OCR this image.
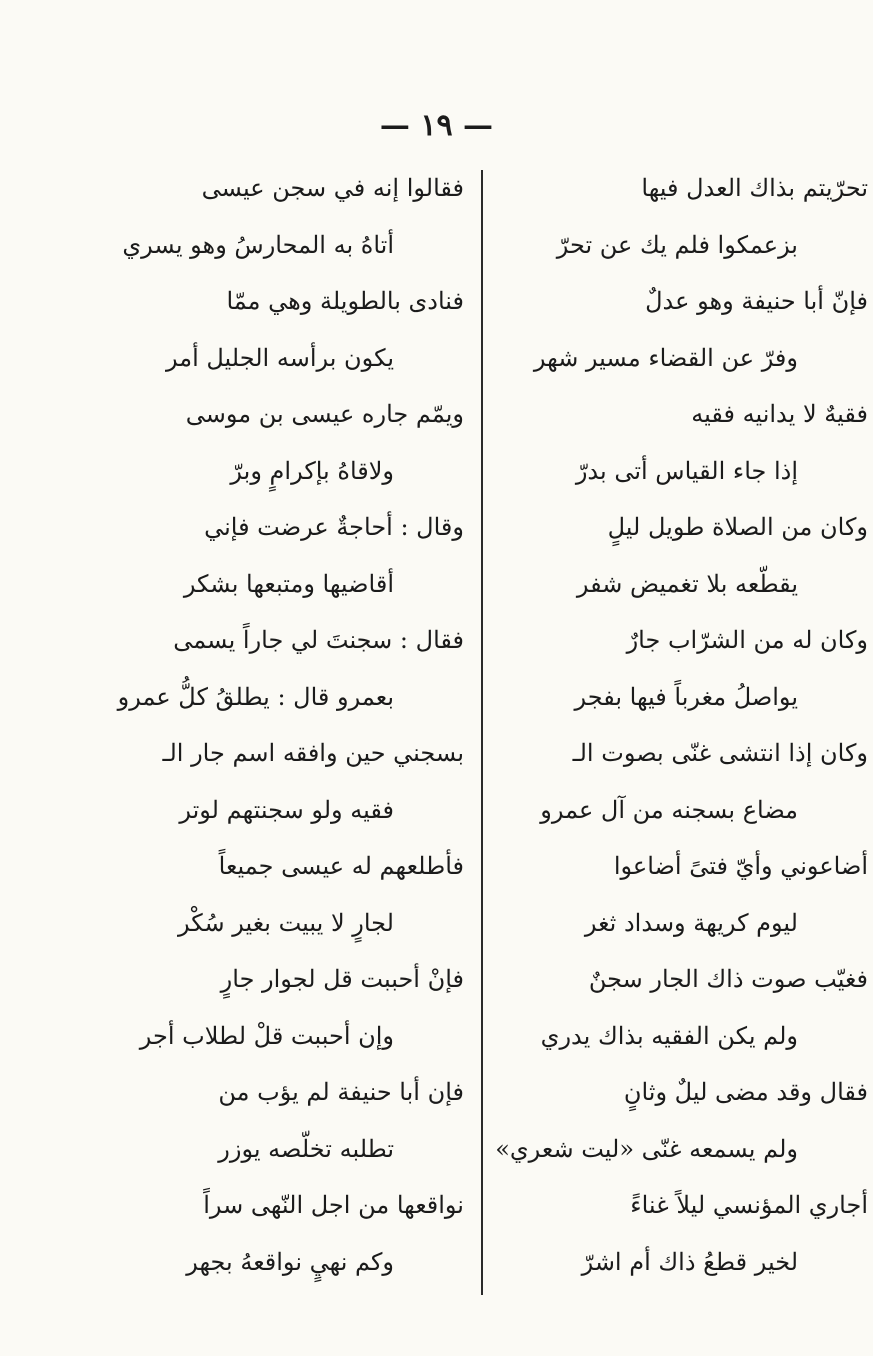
— ١٩ —
تحرّيتم بذاك العدل فيها
بزعمكوا فلم يك عن تحرّ
فإنّ أبا حنيفة وهو عدلٌ
وفرّ عن القضاء مسير شهر
فقيهٌ لا يدانيه فقيه
إذا جاء القياس أتى بدرّ
وكان من الصلاة طويل ليلٍ
يقطّعه بلا تغميض شفر
وكان له من الشرّاب جارٌ
يواصلُ مغرباً فيها بفجر
وكان إذا انتشى غنّى بصوت الـ
مضاع بسجنه من آل عمرو
أضاعوني وأيّ فتىً أضاعوا
ليوم كريهة وسداد ثغر
فغيّب صوت ذاك الجار سجنٌ
ولم يكن الفقيه بذاك يدري
فقال وقد مضى ليلٌ وثانٍ
ولم يسمعه غنّى «ليت شعري»
أجاري المؤنسي ليلاً غناءً
لخير قطعُ ذاك أم اشرّ
فقالوا إنه في سجن عيسى
أتاهُ به المحارسُ وهو يسري
فنادى بالطويلة وهي ممّا
يكون برأسه الجليل أمر
ويمّم جاره عيسى بن موسى
ولاقاهُ بإكرامٍ وبرّ
وقال : أحاجةٌ عرضت فإني
أقاضيها ومتبعها بشكر
فقال : سجنتَ لي جاراً يسمى
بعمرو قال : يطلقُ كلُّ عمرو
بسجني حين وافقه اسم جار الـ
فقيه ولو سجنتهم لوتر
فأطلعهم له عيسى جميعاً
لجارٍ لا يبيت بغير سُكْر
فإنْ أحببت قل لجوار جارٍ
وإن أحببت قلْ لطلاب أجر
فإن أبا حنيفة لم يؤب من
تطلبه تخلّصه يوزر
نواقعها من اجل النّهى سراً
وكم نهيٍ نواقعهُ بجهر
